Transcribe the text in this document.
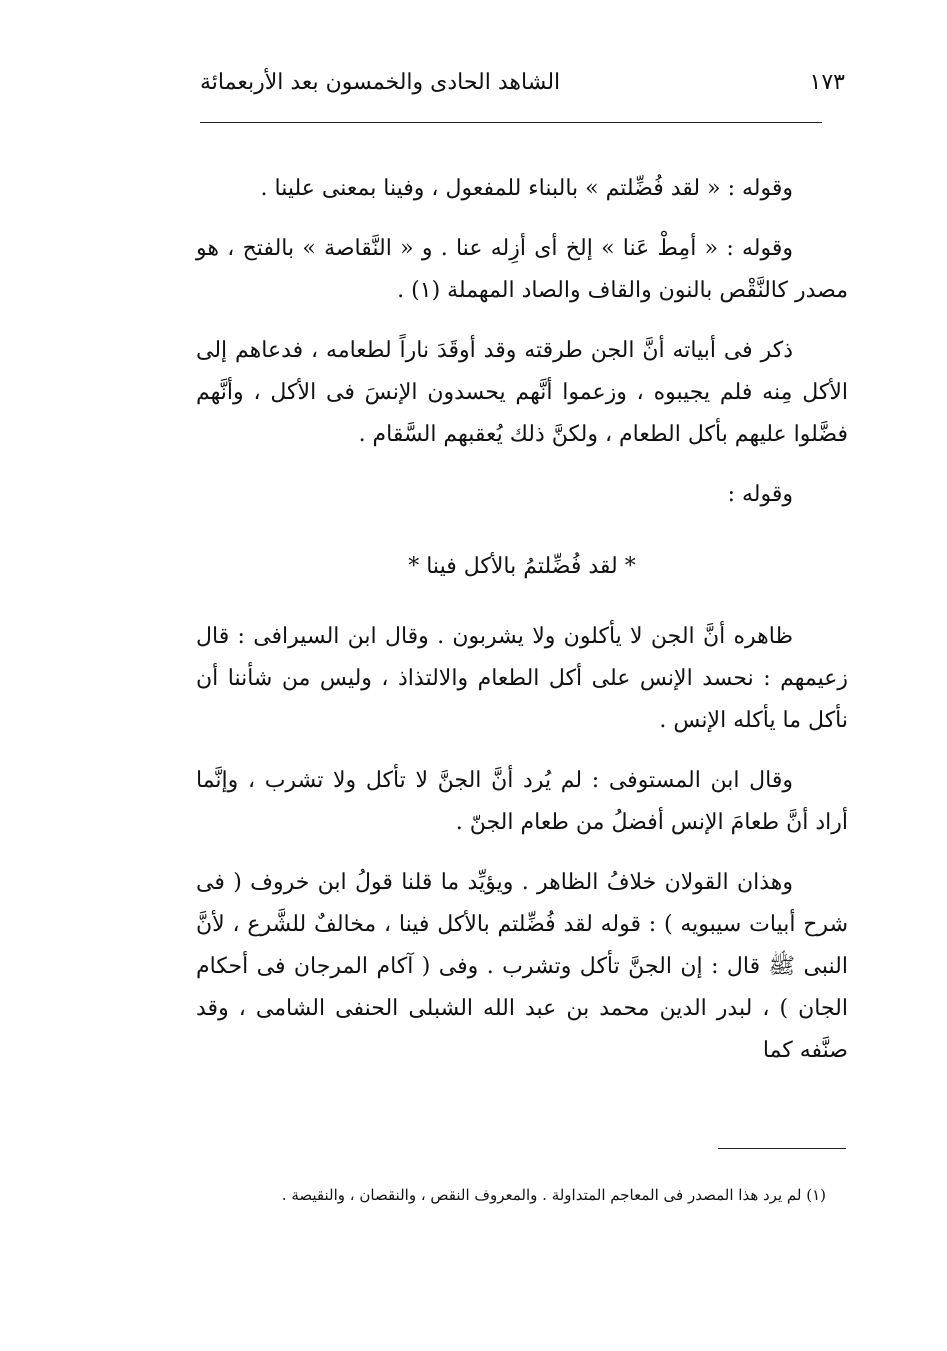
الشاهد الحادى والخمسون بعد الأربعمائة	١٧٣

وقوله : « لقد فُضِّلتم » بالبناء للمفعول ، وفينا بمعنى علينا .

وقوله : « أمِطْ عَنا » إلخ أى أزِله عنا . و « النَّقاصة » بالفتح ، هو مصدر كالنَّقْص بالنون والقاف والصاد المهملة (١) .

ذكر فى أبياته أنَّ الجن طرقته وقد أوقَدَ ناراً لطعامه ، فدعاهم إلى الأكل مِنه فلم يجيبوه ، وزعموا أنَّهم يحسدون الإنسَ فى الأكل ، وأنَّهم فضَّلوا عليهم بأكل الطعام ، ولكنَّ ذلك يُعقبهم السَّقام .

وقوله :

* لقد فُضِّلتمُ بالأكل فينا *

ظاهره أنَّ الجن لا يأكلون ولا يشربون . وقال ابن السيرافى : قال زعيمهم : نحسد الإنس على أكل الطعام والالتذاذ ، وليس من شأننا أن نأكل ما يأكله الإنس .

وقال ابن المستوفى : لم يُرد أنَّ الجنَّ لا تأكل ولا تشرب ، وإنَّما أراد أنَّ طعامَ الإنس أفضلُ من طعام الجنّ .

وهذان القولان خلافُ الظاهر . ويؤيِّد ما قلنا قولُ ابن خروف ( فى شرح أبيات سيبويه ) : قوله لقد فُضِّلتم بالأكل فينا ، مخالفٌ للشَّرع ، لأنَّ النبى ﷺ قال : إن الجنَّ تأكل وتشرب . وفى ( آكام المرجان فى أحكام الجان ) ، لبدر الدين محمد بن عبد الله الشبلى الحنفى الشامى ، وقد صنَّفه كما

(١) لم يرد هذا المصدر فى المعاجم المتداولة . والمعروف النقص ، والنقصان ، والنقيصة .
